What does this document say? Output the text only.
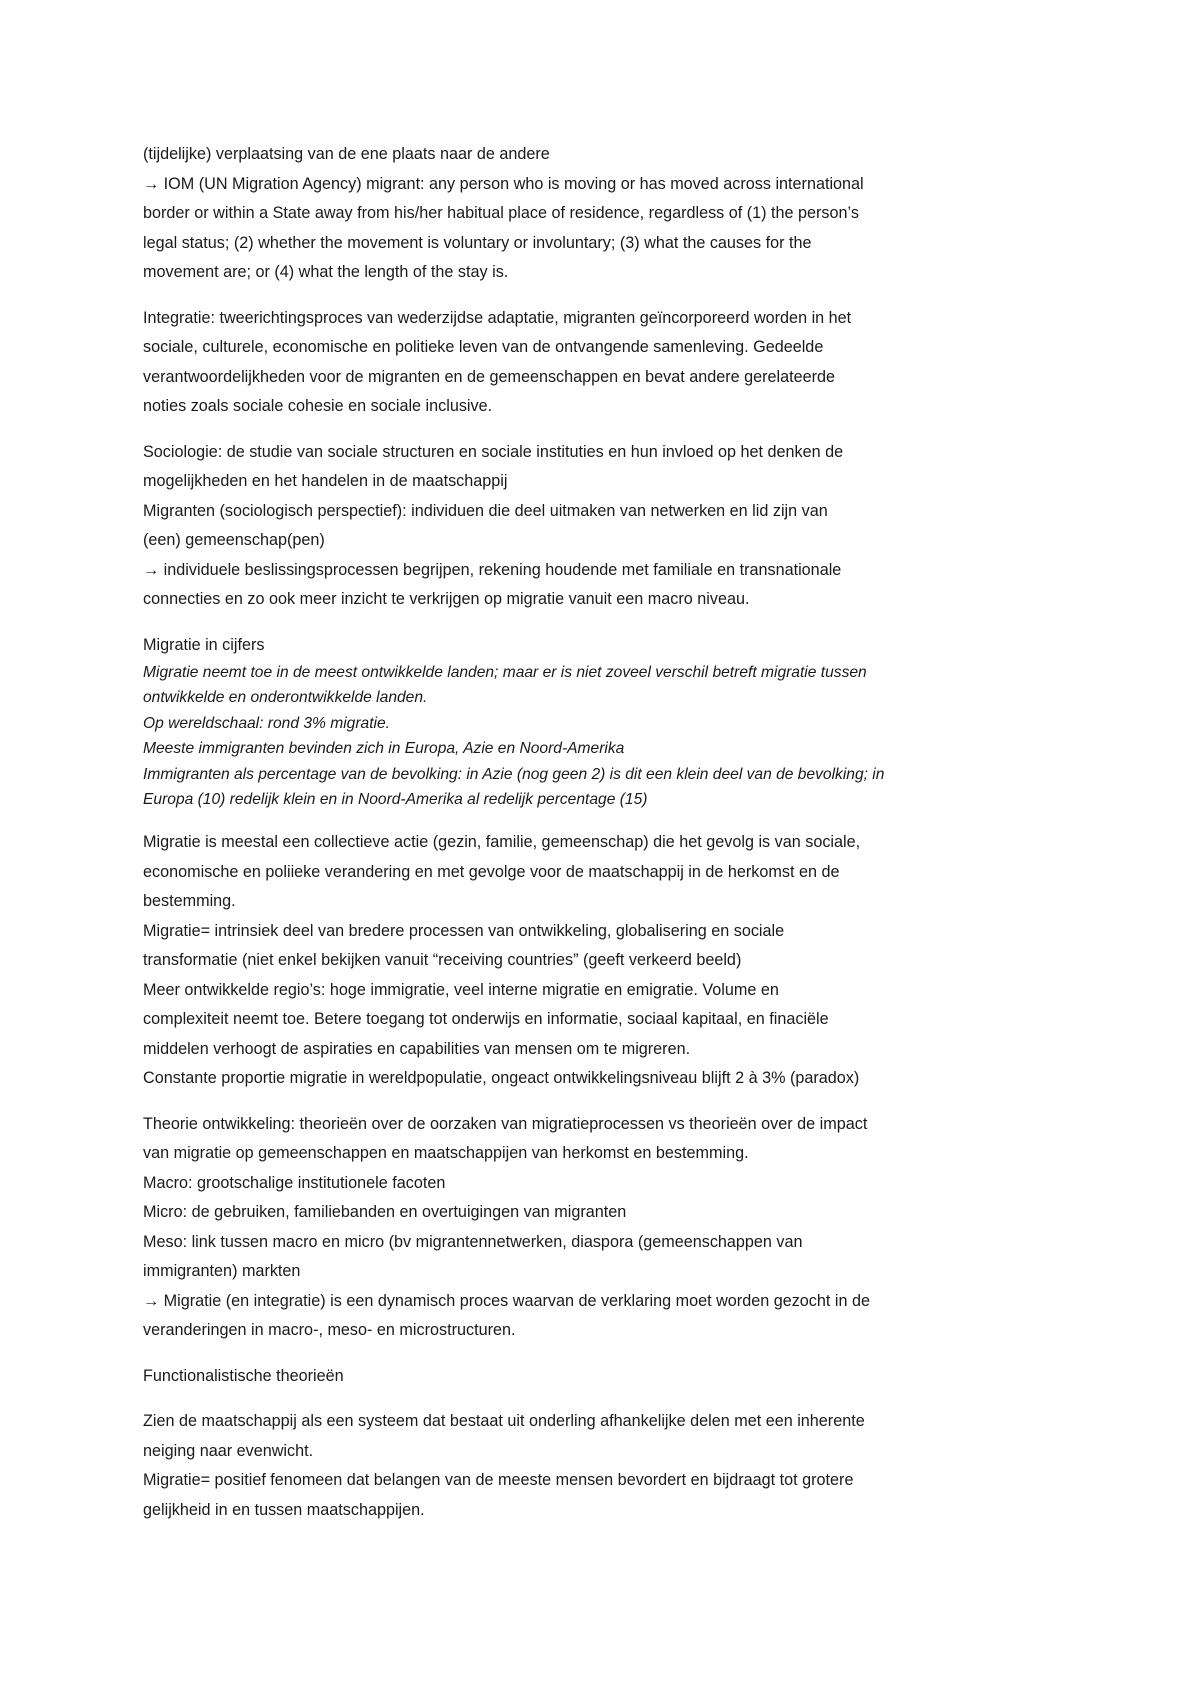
(tijdelijke) verplaatsing van de ene plaats naar de andere
→ IOM (UN Migration Agency) migrant: any person who is moving or has moved across international
border or within a State away from his/her habitual place of residence, regardless of (1) the person’s
legal status; (2) whether the movement is voluntary or involuntary; (3) what the causes for the
movement are; or (4) what the length of the stay is.
Integratie: tweerichtingsproces van wederzijdse adaptatie, migranten geïncorporeerd worden in het
sociale, culturele, economische en politieke leven van de ontvangende samenleving. Gedeelde
verantwoordelijkheden voor de migranten en de gemeenschappen en bevat andere gerelateerde
noties zoals sociale cohesie en sociale inclusive.
Sociologie: de studie van sociale structuren en sociale instituties en hun invloed op het denken de
mogelijkheden en het handelen in de maatschappij
Migranten (sociologisch perspectief): individuen die deel uitmaken van netwerken en lid zijn van
(een) gemeenschap(pen)
→ individuele beslissingsprocessen begrijpen, rekening houdende met familiale en transnationale
connecties en zo ook meer inzicht te verkrijgen op migratie vanuit een macro niveau.
Migratie in cijfers
Migratie neemt toe in de meest ontwikkelde landen; maar er is niet zoveel verschil betreft migratie tussen
ontwikkelde en onderontwikkelde landen.
Op wereldschaal: rond 3% migratie.
Meeste immigranten bevinden zich in Europa, Azie en Noord-Amerika
Immigranten als percentage van de bevolking: in Azie (nog geen 2) is dit een klein deel van de bevolking; in
Europa (10) redelijk klein en in Noord-Amerika al redelijk percentage (15)
Migratie is meestal een collectieve actie (gezin, familie, gemeenschap) die het gevolg is van sociale,
economische en poliieke verandering en met gevolge voor de maatschappij in de herkomst en de
bestemming.
Migratie= intrinsiek deel van bredere processen van ontwikkeling, globalisering en sociale
transformatie (niet enkel bekijken vanuit “receiving countries” (geeft verkeerd beeld)
Meer ontwikkelde regio’s: hoge immigratie, veel interne migratie en emigratie. Volume en
complexiteit neemt toe. Betere toegang tot onderwijs en informatie, sociaal kapitaal, en finaciële
middelen verhoogt de aspiraties en capabilities van mensen om te migreren.
Constante proportie migratie in wereldpopulatie, ongeact ontwikkelingsniveau blijft 2 à 3% (paradox)
Theorie ontwikkeling: theorieën over de oorzaken van migratieprocessen vs theorieën over de impact
van migratie op gemeenschappen en maatschappijen van herkomst en bestemming.
Macro: grootschalige institutionele facoten
Micro: de gebruiken, familiebanden en overtuigingen van migranten
Meso: link tussen macro en micro (bv migrantennetwerken, diaspora (gemeenschappen van
immigranten) markten
→ Migratie (en integratie) is een dynamisch proces waarvan de verklaring moet worden gezocht in de
veranderingen in macro-, meso- en microstructuren.
Functionalistische theorieën
Zien de maatschappij als een systeem dat bestaat uit onderling afhankelijke delen met een inherente
neiging naar evenwicht.
Migratie= positief fenomeen dat belangen van de meeste mensen bevordert en bijdraagt tot grotere
gelijkheid in en tussen maatschappijen.
